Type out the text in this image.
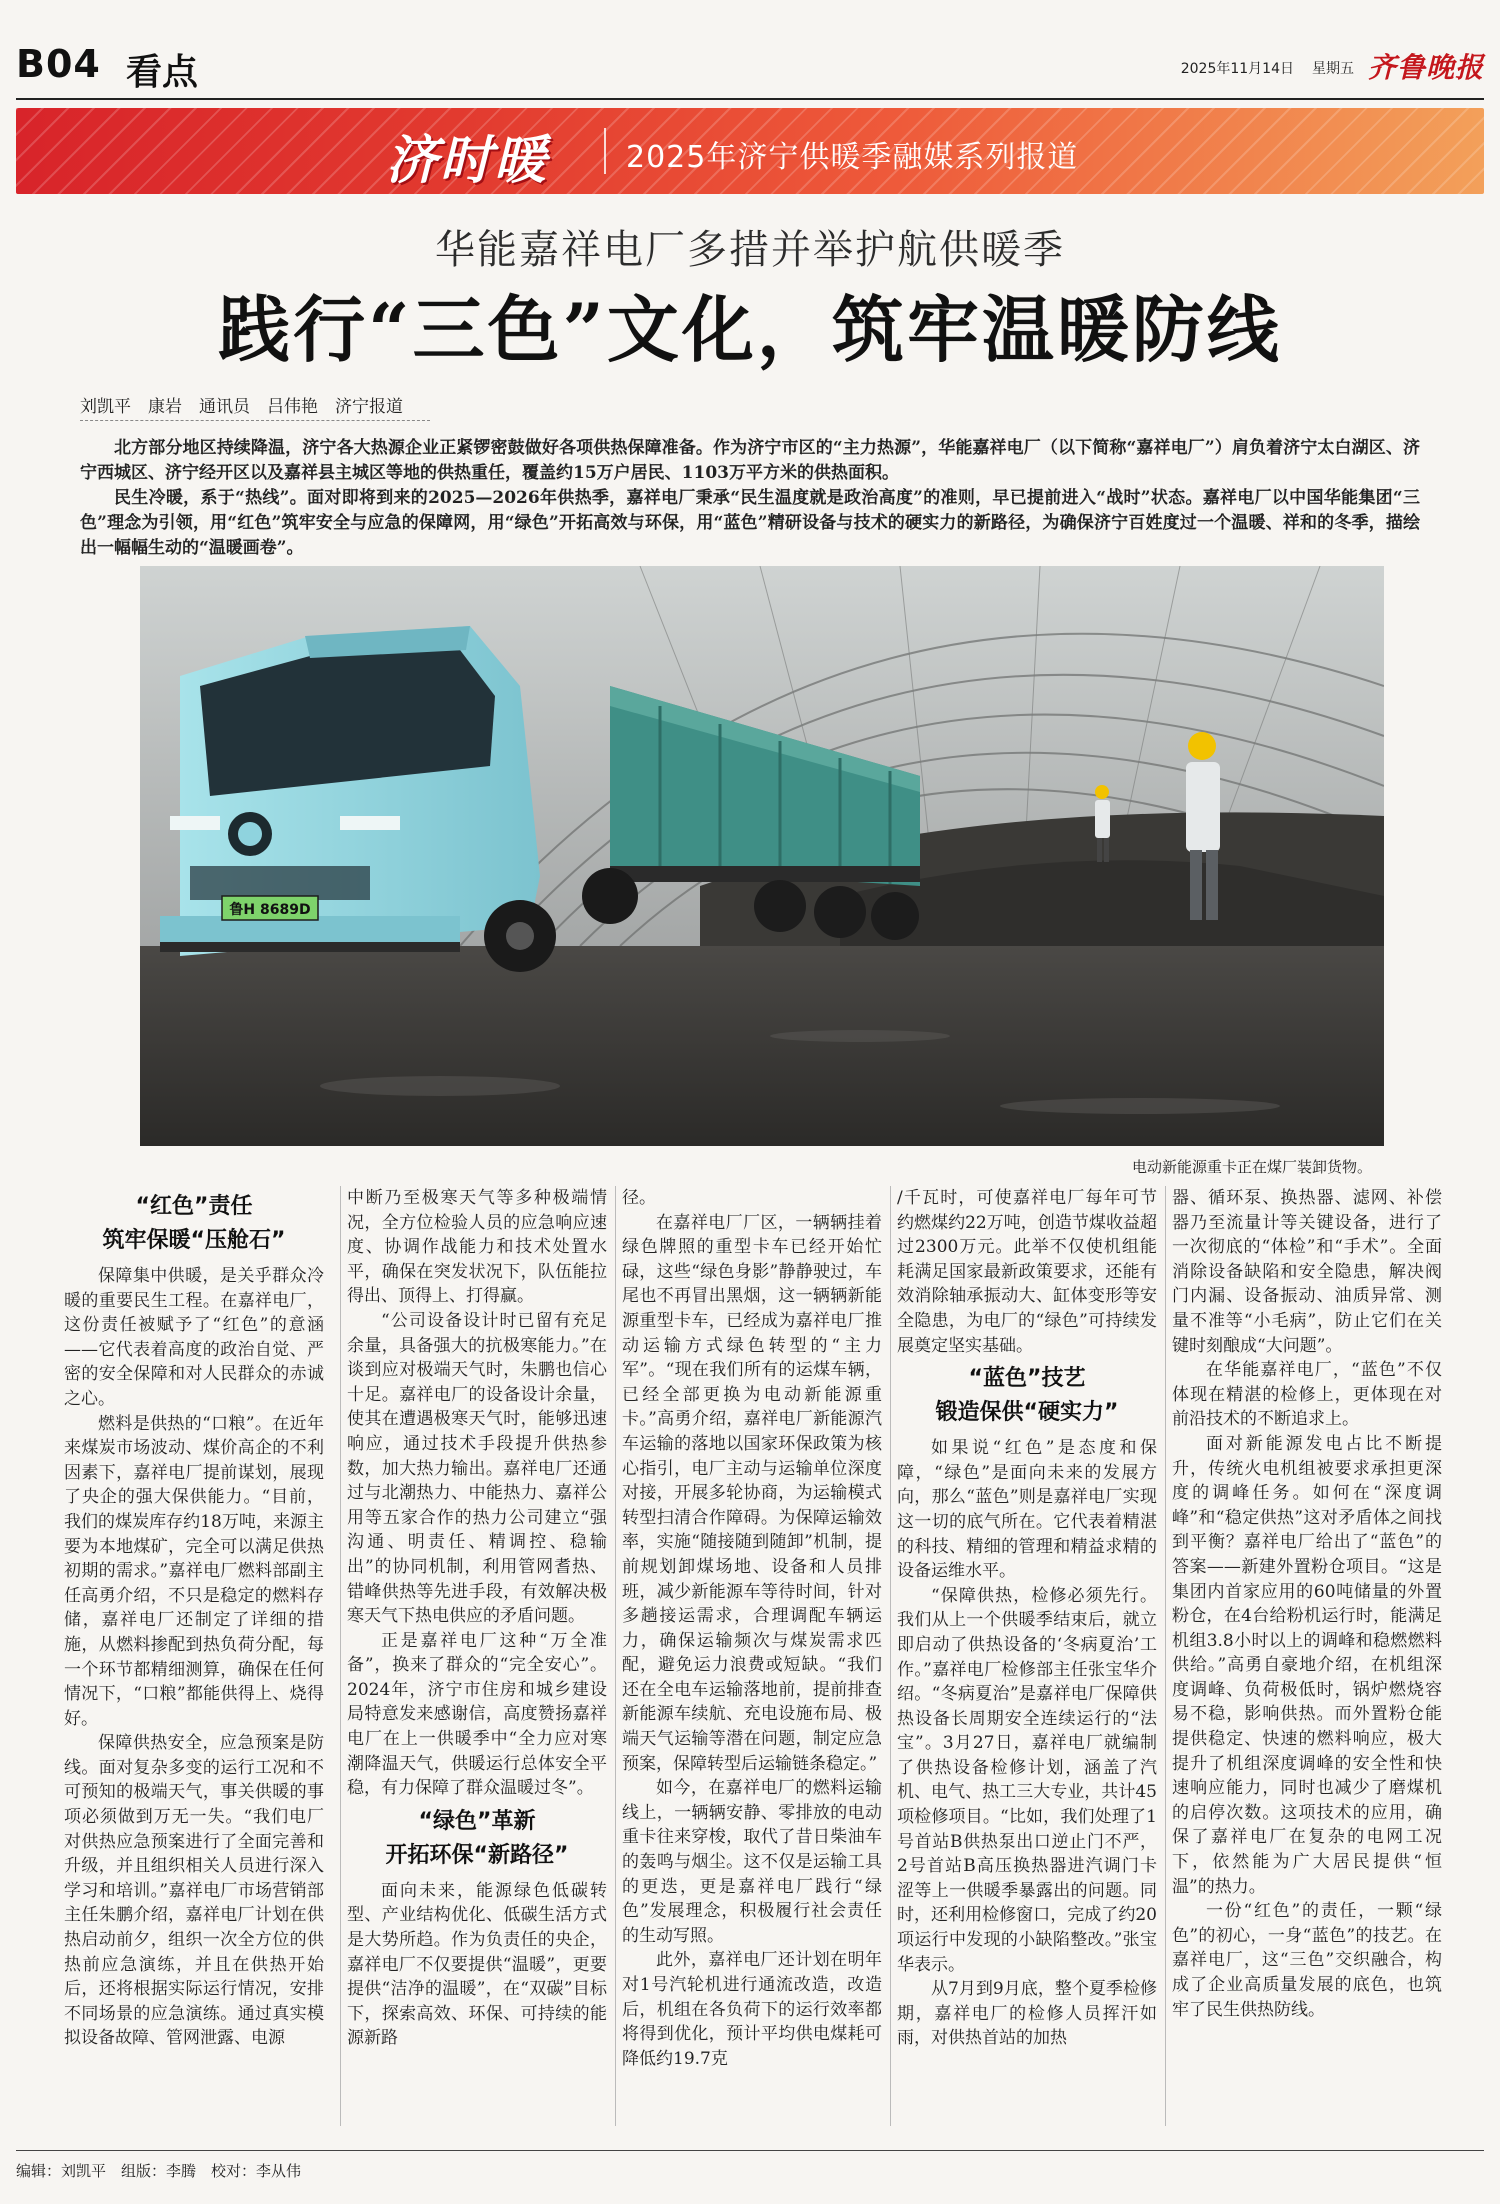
B04 看点	2025年11月14日 星期五 齐鲁晚报
济时暖	2025年济宁供暖季融媒系列报道
华能嘉祥电厂多措并举护航供暖季
践行“三色”文化，筑牢温暖防线
刘凯平　康岩　通讯员　吕伟艳　济宁报道

北方部分地区持续降温，济宁各大热源企业正紧锣密鼓做好各项供热保障准备。作为济宁市区的“主力热源”，华能嘉祥电厂（以下简称“嘉祥电厂”）肩负着济宁太白湖区、济宁西城区、济宁经开区以及嘉祥县主城区等地的供热重任，覆盖约15万户居民、1103万平方米的供热面积。

民生冷暖，系于“热线”。面对即将到来的2025—2026年供热季，嘉祥电厂秉承“民生温度就是政治高度”的准则，早已提前进入“战时”状态。嘉祥电厂以中国华能集团“三色”理念为引领，用“红色”筑牢安全与应急的保障网，用“绿色”开拓高效与环保，用“蓝色”精研设备与技术的硬实力的新路径，为确保济宁百姓度过一个温暖、祥和的冬季，描绘出一幅幅生动的“温暖画卷”。

鲁H 8689D
电动新能源重卡正在煤厂装卸货物。
“红色”责任
筑牢保暖“压舱石”

保障集中供暖，是关乎群众冷暖的重要民生工程。在嘉祥电厂，这份责任被赋予了“红色”的意涵——它代表着高度的政治自觉、严密的安全保障和对人民群众的赤诚之心。

燃料是供热的“口粮”。在近年来煤炭市场波动、煤价高企的不利因素下，嘉祥电厂提前谋划，展现了央企的强大保供能力。“目前，我们的煤炭库存约18万吨，来源主要为本地煤矿，完全可以满足供热初期的需求。”嘉祥电厂燃料部副主任高勇介绍，不只是稳定的燃料存储，嘉祥电厂还制定了详细的措施，从燃料掺配到热负荷分配，每一个环节都精细测算，确保在任何情况下，“口粮”都能供得上、烧得好。

保障供热安全，应急预案是防线。面对复杂多变的运行工况和不可预知的极端天气，事关供暖的事项必须做到万无一失。“我们电厂对供热应急预案进行了全面完善和升级，并且组织相关人员进行深入学习和培训。”嘉祥电厂市场营销部主任朱鹏介绍，嘉祥电厂计划在供热启动前夕，组织一次全方位的供热前应急演练，并且在供热开始后，还将根据实际运行情况，安排不同场景的应急演练。通过真实模拟设备故障、管网泄露、电源

中断乃至极寒天气等多种极端情况，全方位检验人员的应急响应速度、协调作战能力和技术处置水平，确保在突发状况下，队伍能拉得出、顶得上、打得赢。

“公司设备设计时已留有充足余量，具备强大的抗极寒能力。”在谈到应对极端天气时，朱鹏也信心十足。嘉祥电厂的设备设计余量，使其在遭遇极寒天气时，能够迅速响应，通过技术手段提升供热参数，加大热力输出。嘉祥电厂还通过与北潮热力、中能热力、嘉祥公用等五家合作的热力公司建立“强沟通、明责任、精调控、稳输出”的协同机制，利用管网耆热、错峰供热等先进手段，有效解决极寒天气下热电供应的矛盾问题。

正是嘉祥电厂这种“万全准备”，换来了群众的“完全安心”。2024年，济宁市住房和城乡建设局特意发来感谢信，高度赞扬嘉祥电厂在上一供暖季中“全力应对寒潮降温天气，供暖运行总体安全平稳，有力保障了群众温暖过冬”。

“绿色”革新
开拓环保“新路径”

面向未来，能源绿色低碳转型、产业结构优化、低碳生活方式是大势所趋。作为负责任的央企，嘉祥电厂不仅要提供“温暖”，更要提供“洁净的温暖”，在“双碳”目标下，探索高效、环保、可持续的能源新路

径。

在嘉祥电厂厂区，一辆辆挂着绿色牌照的重型卡车已经开始忙碌，这些“绿色身影”静静驶过，车尾也不再冒出黑烟，这一辆辆新能源重型卡车，已经成为嘉祥电厂推动运输方式绿色转型的“主力军”。“现在我们所有的运煤车辆，已经全部更换为电动新能源重卡。”高勇介绍，嘉祥电厂新能源汽车运输的落地以国家环保政策为核心指引，电厂主动与运输单位深度对接，开展多轮协商，为运输模式转型扫清合作障碍。为保障运输效率，实施“随接随到随卸”机制，提前规划卸煤场地、设备和人员排班，减少新能源车等待时间，针对多趟接运需求，合理调配车辆运力，确保运输频次与煤炭需求匹配，避免运力浪费或短缺。“我们还在全电车运输落地前，提前排查新能源车续航、充电设施布局、极端天气运输等潜在问题，制定应急预案，保障转型后运输链条稳定。”

如今，在嘉祥电厂的燃料运输线上，一辆辆安静、零排放的电动重卡往来穿梭，取代了昔日柴油车的轰鸣与烟尘。这不仅是运输工具的更迭，更是嘉祥电厂践行“绿色”发展理念，积极履行社会责任的生动写照。

此外，嘉祥电厂还计划在明年对1号汽轮机进行通流改造，改造后，机组在各负荷下的运行效率都将得到优化，预计平均供电煤耗可降低约19.7克

/千瓦时，可使嘉祥电厂每年可节约燃煤约22万吨，创造节煤收益超过2300万元。此举不仅使机组能耗满足国家最新政策要求，还能有效消除轴承振动大、缸体变形等安全隐患，为电厂的“绿色”可持续发展奠定坚实基础。

“蓝色”技艺
锻造保供“硬实力”

如果说“红色”是态度和保障，“绿色”是面向未来的发展方向，那么“蓝色”则是嘉祥电厂实现这一切的底气所在。它代表着精湛的科技、精细的管理和精益求精的设备运维水平。

“保障供热，检修必须先行。我们从上一个供暖季结束后，就立即启动了供热设备的‘冬病夏治’工作。”嘉祥电厂检修部主任张宝华介绍。“冬病夏治”是嘉祥电厂保障供热设备长周期安全连续运行的“法宝”。3月27日，嘉祥电厂就编制了供热设备检修计划，涵盖了汽机、电气、热工三大专业，共计45项检修项目。“比如，我们处理了1号首站B供热泵出口逆止门不严，2号首站B高压换热器进汽调门卡涩等上一供暖季暴露出的问题。同时，还利用检修窗口，完成了约20项运行中发现的小缺陷整改。”张宝华表示。

从7月到9月底，整个夏季检修期，嘉祥电厂的检修人员挥汗如雨，对供热首站的加热

器、循环泵、换热器、滤网、补偿器乃至流量计等关键设备，进行了一次彻底的“体检”和“手术”。全面消除设备缺陷和安全隐患，解决阀门内漏、设备振动、油质异常、测量不准等“小毛病”，防止它们在关键时刻酿成“大问题”。

在华能嘉祥电厂，“蓝色”不仅体现在精湛的检修上，更体现在对前沿技术的不断追求上。

面对新能源发电占比不断提升，传统火电机组被要求承担更深度的调峰任务。如何在“深度调峰”和“稳定供热”这对矛盾体之间找到平衡？嘉祥电厂给出了“蓝色”的答案——新建外置粉仓项目。“这是集团内首家应用的60吨储量的外置粉仓，在4台给粉机运行时，能满足机组3.8小时以上的调峰和稳燃燃料供给。”高勇自豪地介绍，在机组深度调峰、负荷极低时，锅炉燃烧容易不稳，影响供热。而外置粉仓能提供稳定、快速的燃料响应，极大提升了机组深度调峰的安全性和快速响应能力，同时也减少了磨煤机的启停次数。这项技术的应用，确保了嘉祥电厂在复杂的电网工况下，依然能为广大居民提供“恒温”的热力。

一份“红色”的责任，一颗“绿色”的初心，一身“蓝色”的技艺。在嘉祥电厂，这“三色”交织融合，构成了企业高质量发展的底色，也筑牢了民生供热防线。

编辑：刘凯平　组版：李腾　校对：李从伟
